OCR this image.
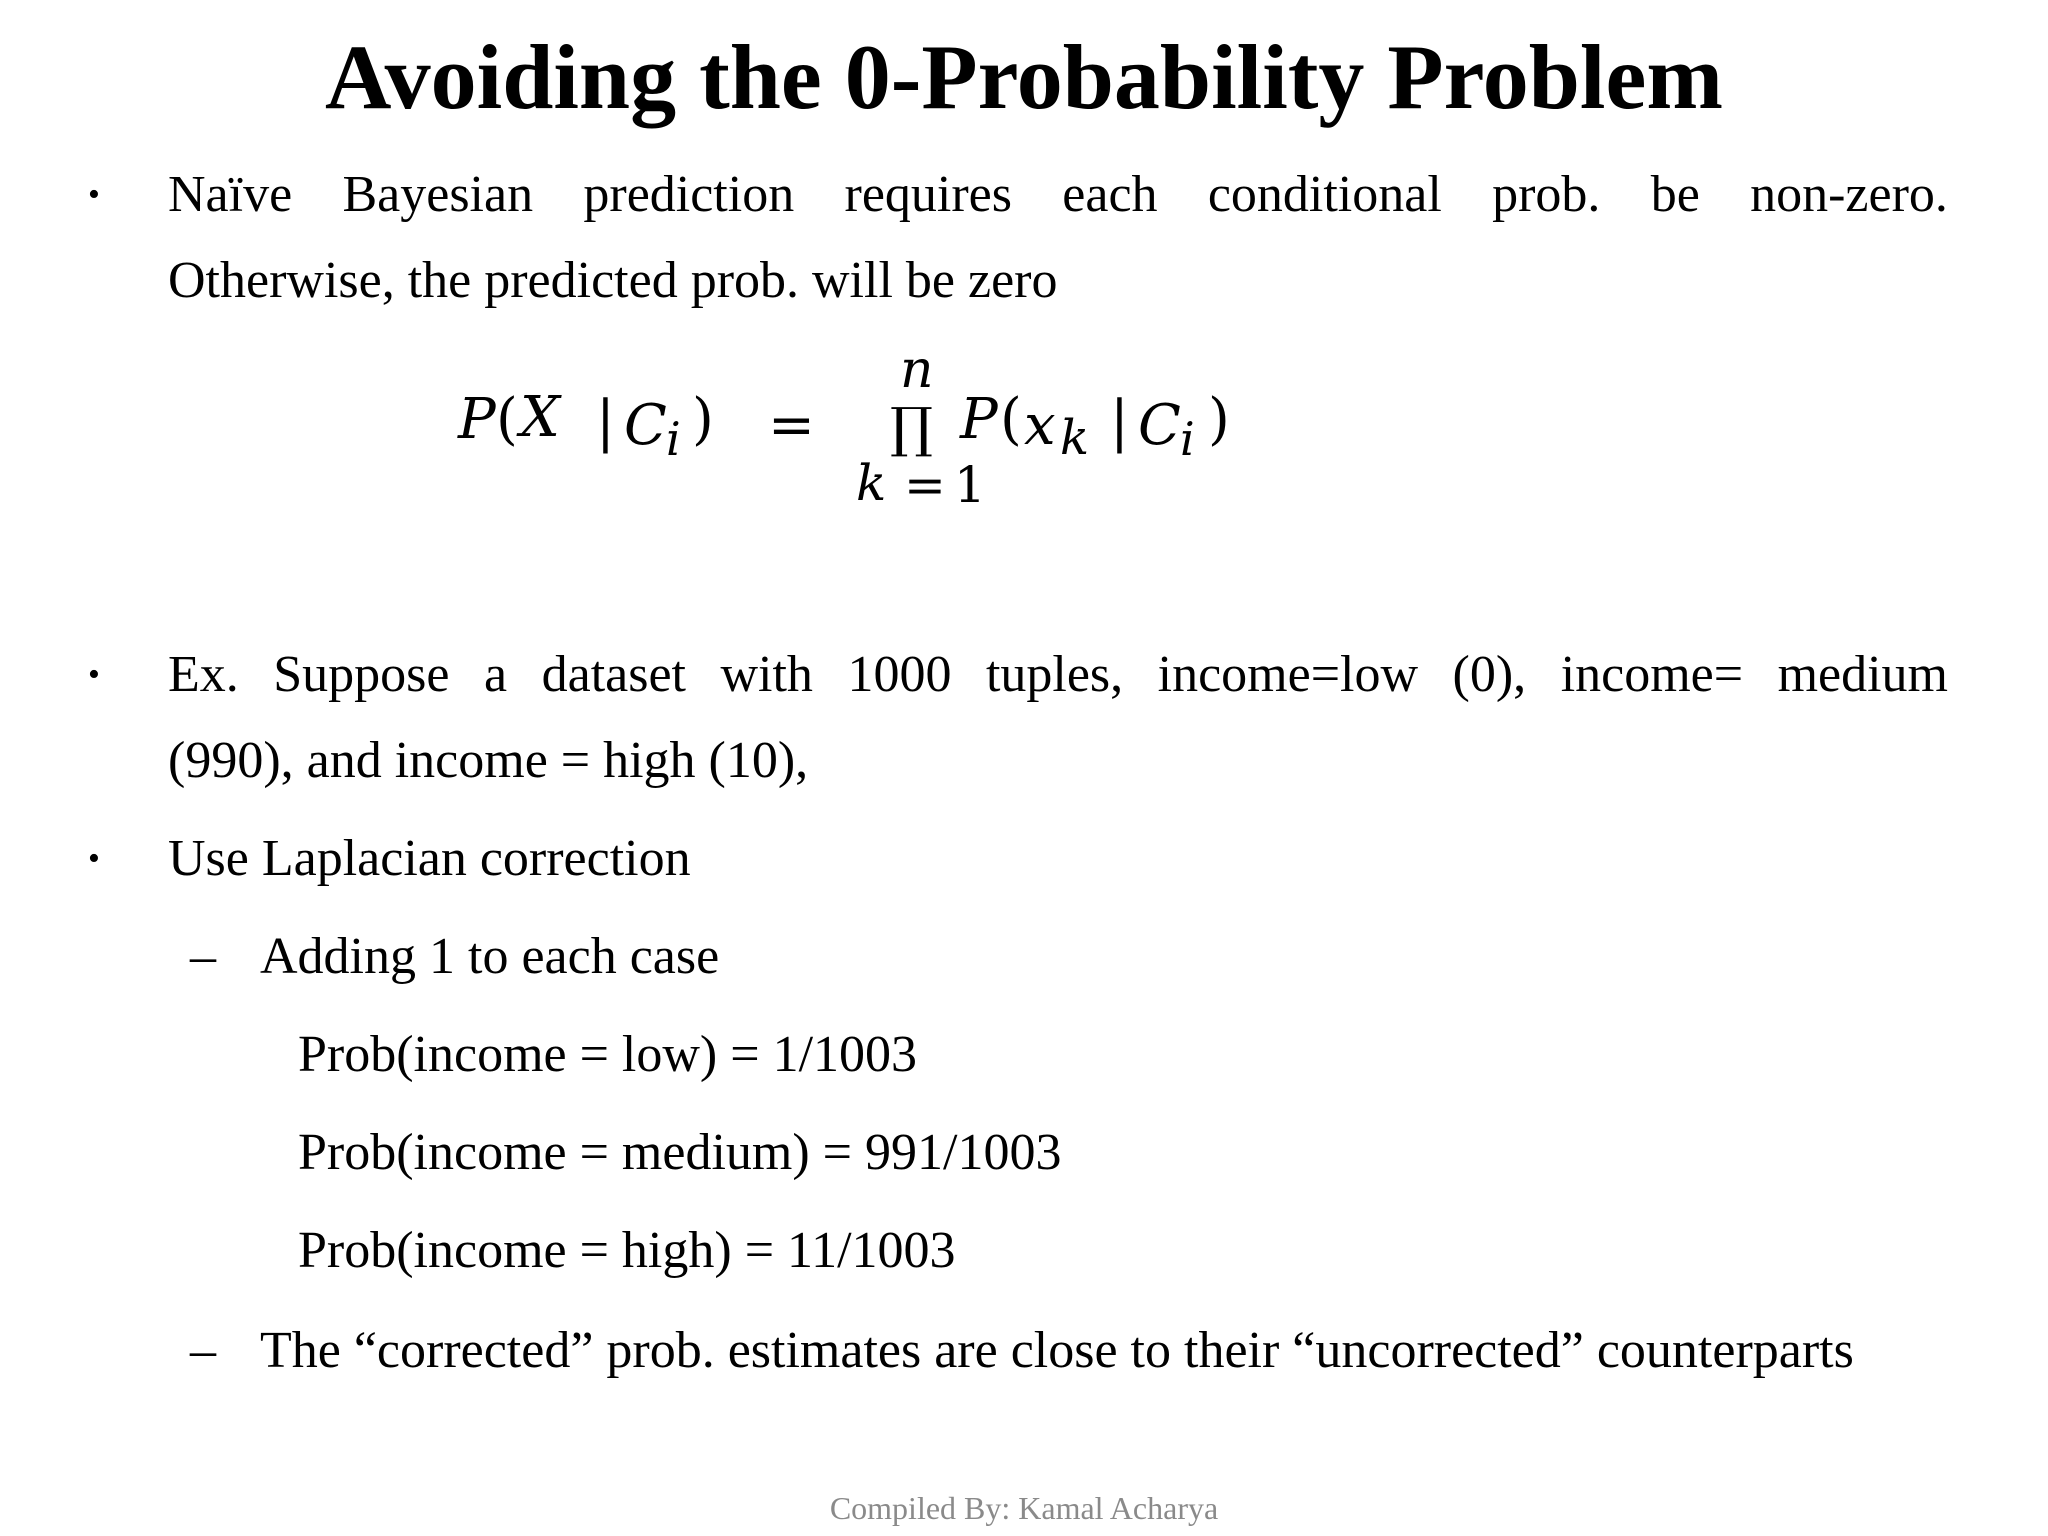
Avoiding the 0-Probability Problem
• Naïve Bayesian prediction requires each conditional prob. be non-zero.
Otherwise, the predicted prob. will be zero
P ( X | C i ) =
n
∏ P ( x k | C i )
k = 1
• Ex. Suppose a dataset with 1000 tuples, income=low (0), income= medium
(990), and income = high (10),
• Use Laplacian correction
– Adding 1 to each case
Prob(income = low) = 1/1003
Prob(income = medium) = 991/1003
Prob(income = high) = 11/1003
– The “corrected” prob. estimates are close to their “uncorrected” counterparts
Compiled By: Kamal Acharya
